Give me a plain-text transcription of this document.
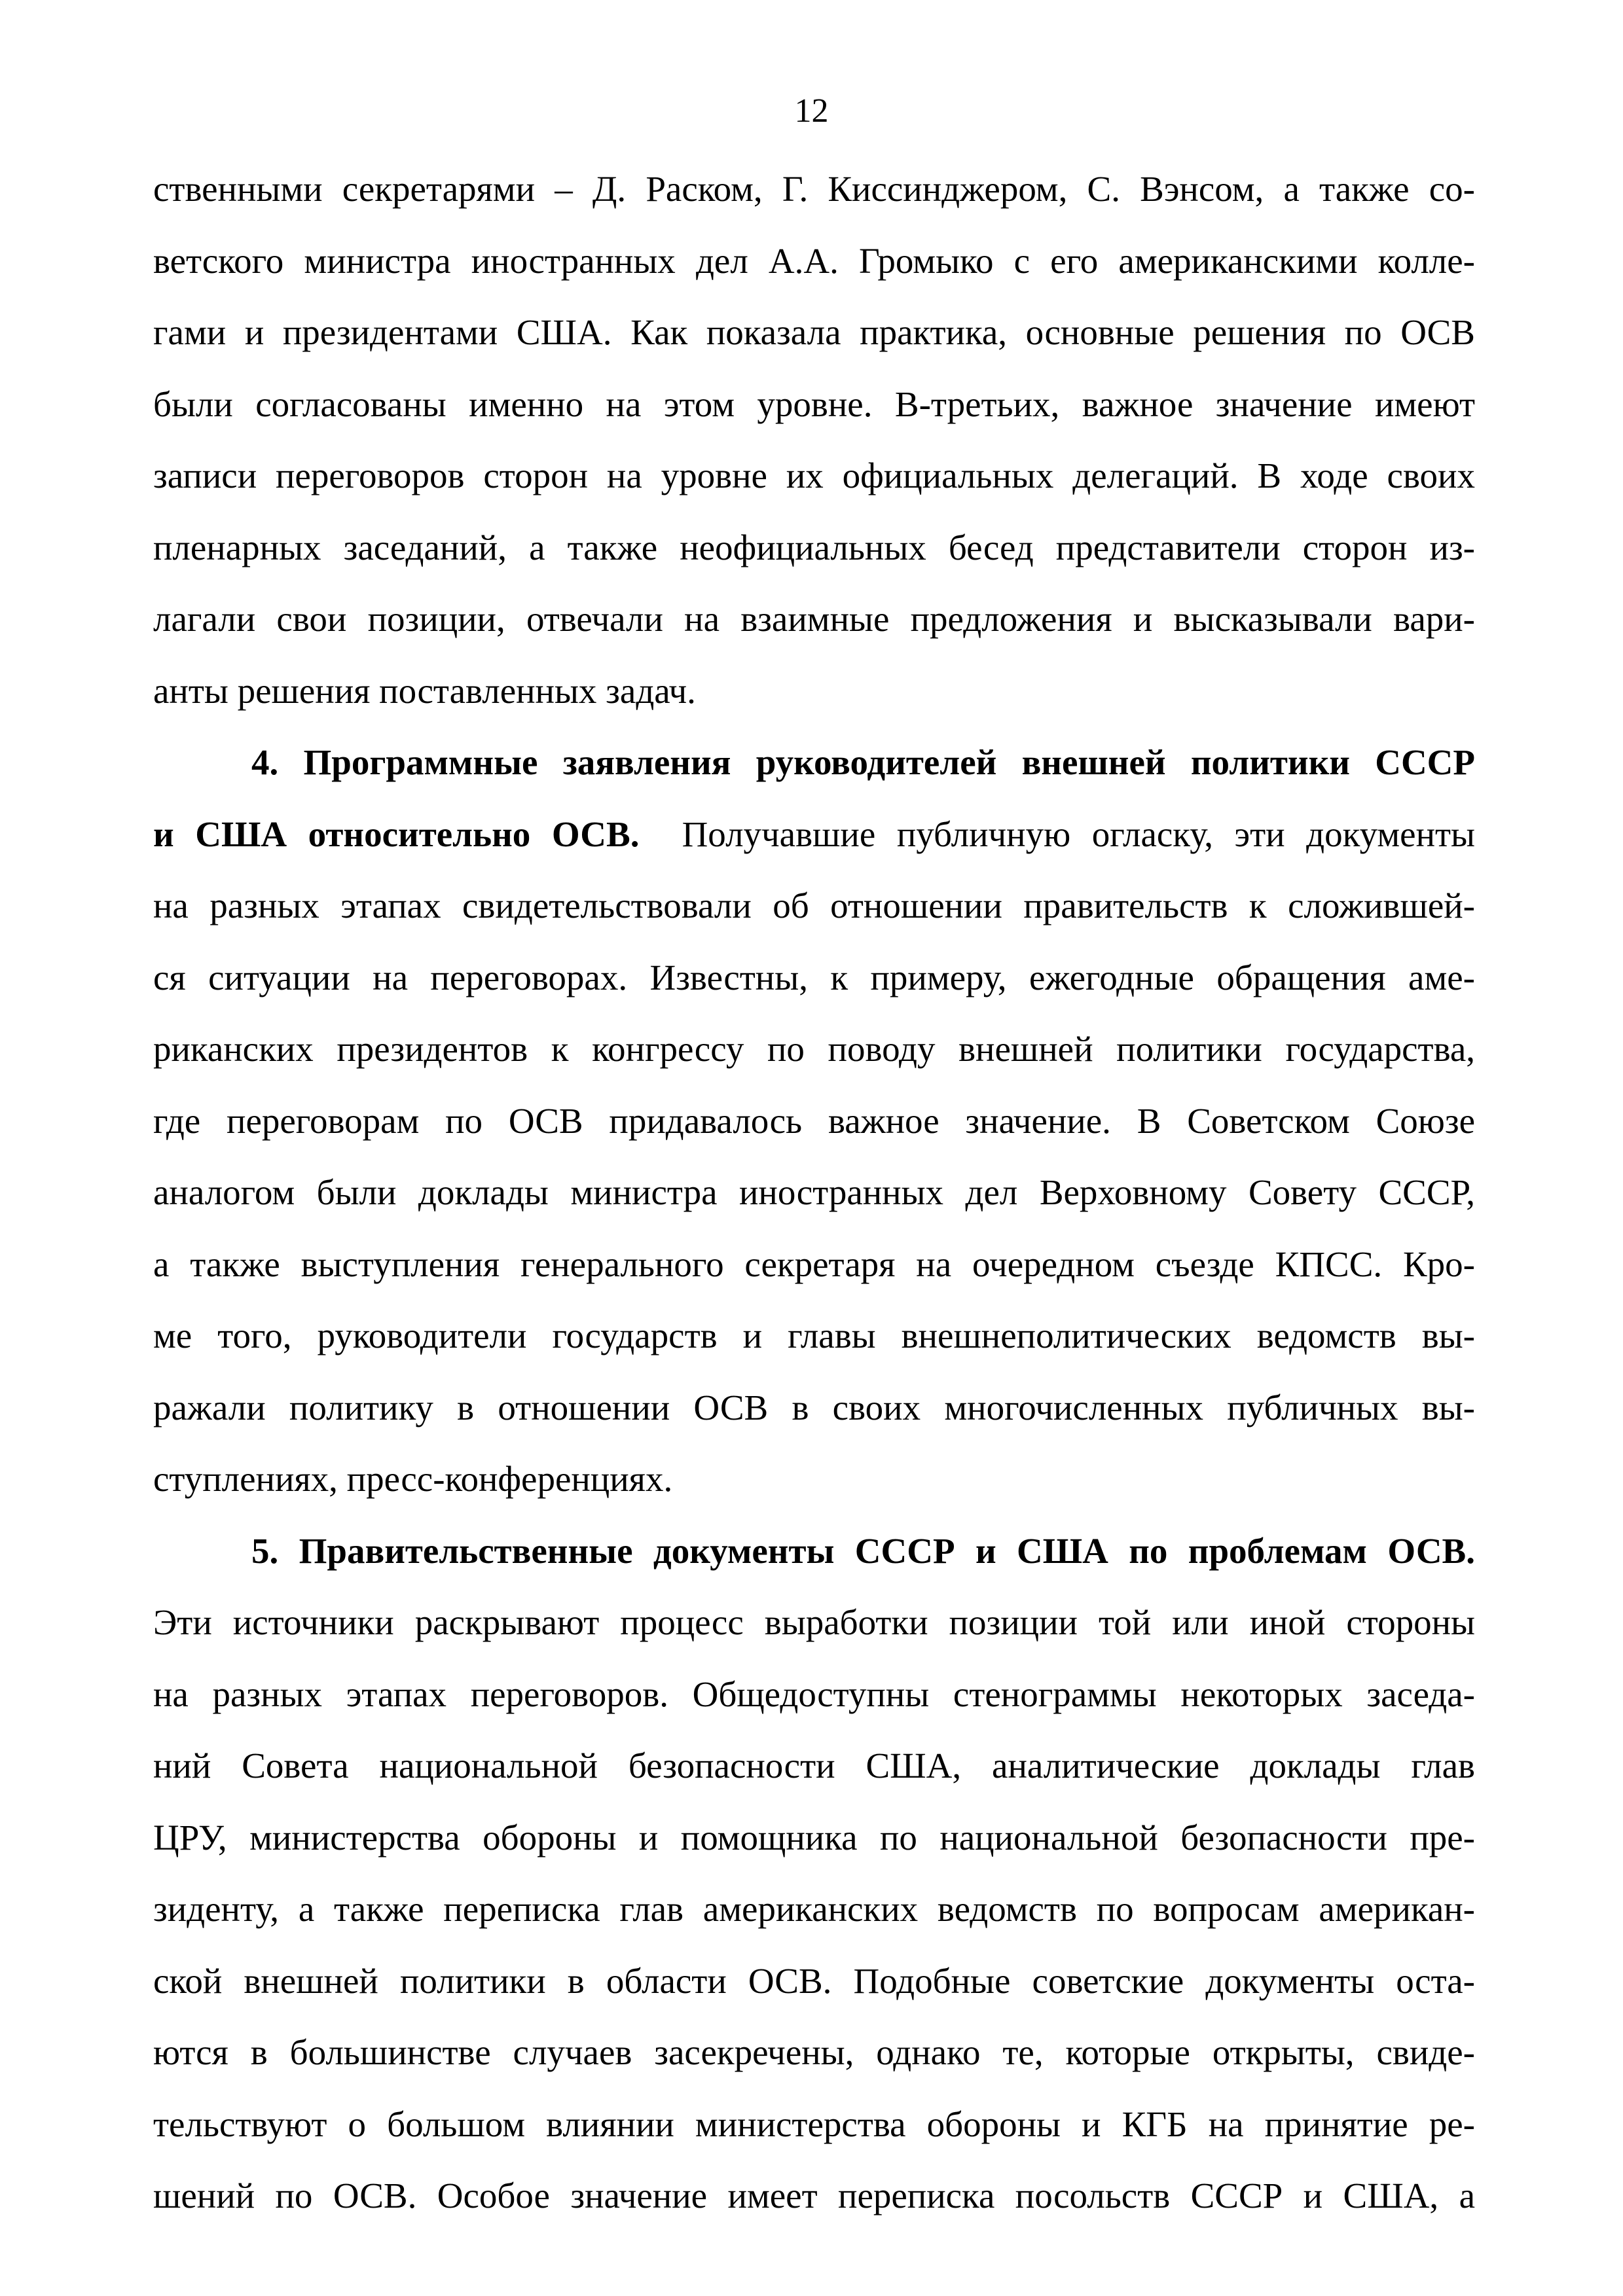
12
ственными секретарями – Д. Раском, Г. Киссинджером, С. Вэнсом, а также со-
ветского министра иностранных дел А.А. Громыко с его американскими колле-
гами и президентами США. Как показала практика, основные решения по ОСВ
были согласованы именно на этом уровне. В-третьих, важное значение имеют
записи переговоров сторон на уровне их официальных делегаций. В ходе своих
пленарных заседаний, а также неофициальных бесед представители сторон из-
лагали свои позиции, отвечали на взаимные предложения и высказывали вари-
анты решения поставленных задач.
4. Программные заявления руководителей внешней политики СССР
и США относительно ОСВ. Получавшие публичную огласку, эти документы
на разных этапах свидетельствовали об отношении правительств к сложившей-
ся ситуации на переговорах. Известны, к примеру, ежегодные обращения аме-
риканских президентов к конгрессу по поводу внешней политики государства,
где переговорам по ОСВ придавалось важное значение. В Советском Союзе
аналогом были доклады министра иностранных дел Верховному Совету СССР,
а также выступления генерального секретаря на очередном съезде КПСС. Кро-
ме того, руководители государств и главы внешнеполитических ведомств вы-
ражали политику в отношении ОСВ в своих многочисленных публичных вы-
ступлениях, пресс-конференциях.
5. Правительственные документы СССР и США по проблемам ОСВ.
Эти источники раскрывают процесс выработки позиции той или иной стороны
на разных этапах переговоров. Общедоступны стенограммы некоторых заседа-
ний Совета национальной безопасности США, аналитические доклады глав
ЦРУ, министерства обороны и помощника по национальной безопасности пре-
зиденту, а также переписка глав американских ведомств по вопросам американ-
ской внешней политики в области ОСВ. Подобные советские документы оста-
ются в большинстве случаев засекречены, однако те, которые открыты, свиде-
тельствуют о большом влиянии министерства обороны и КГБ на принятие ре-
шений по ОСВ. Особое значение имеет переписка посольств СССР и США, а
